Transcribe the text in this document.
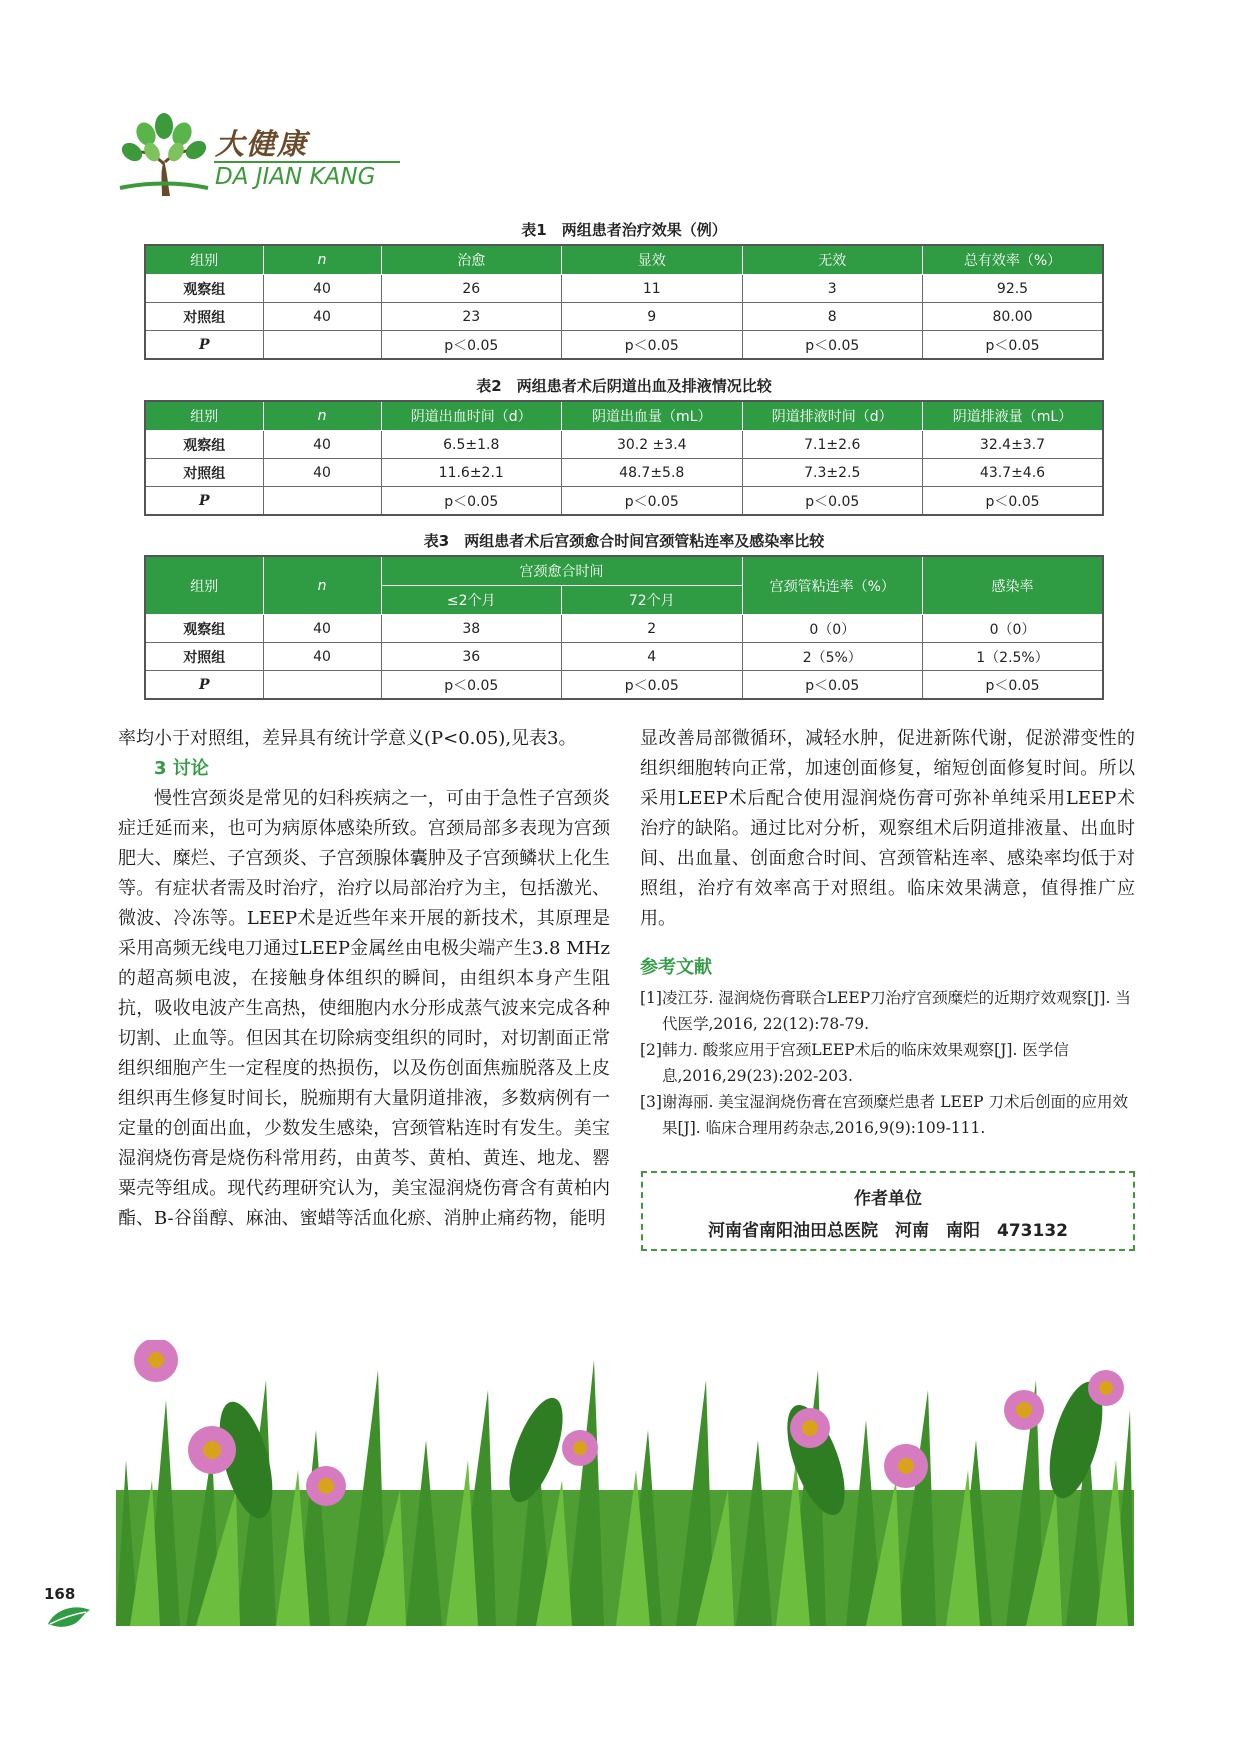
大健康
DA JIAN KANG
表1　两组患者治疗效果（例）
组别	n	治愈	显效	无效	总有效率（%）
观察组	40	26	11	3	92.5
对照组	40	23	9	8	80.00
P		p＜0.05	p＜0.05	p＜0.05	p＜0.05
表2　两组患者术后阴道出血及排液情况比较
组别	n	阴道出血时间（d）	阴道出血量（mL）	阴道排液时间（d）	阴道排液量（mL）
观察组	40	6.5±1.8	30.2 ±3.4	7.1±2.6	32.4±3.7
对照组	40	11.6±2.1	48.7±5.8	7.3±2.5	43.7±4.6
P		p＜0.05	p＜0.05	p＜0.05	p＜0.05
表3　两组患者术后宫颈愈合时间宫颈管粘连率及感染率比较
组别	n	宫颈愈合时间		宫颈管粘连率（%）	感染率
		≤2个月	72个月		
观察组	40	38	2	0（0）	0（0）
对照组	40	36	4	2（5%）	1（2.5%）
P		p＜0.05	p＜0.05	p＜0.05	p＜0.05

率均小于对照组，差异具有统计学意义(P<0.05),见表3。

3 讨论

慢性宫颈炎是常见的妇科疾病之一，可由于急性子宫颈炎症迁延而来，也可为病原体感染所致。宫颈局部多表现为宫颈肥大、糜烂、子宫颈炎、子宫颈腺体囊肿及子宫颈鳞状上化生等。有症状者需及时治疗，治疗以局部治疗为主，包括激光、微波、冷冻等。LEEP术是近些年来开展的新技术，其原理是采用高频无线电刀通过LEEP金属丝由电极尖端产生3.8 MHz的超高频电波，在接触身体组织的瞬间，由组织本身产生阻抗，吸收电波产生高热，使细胞内水分形成蒸气波来完成各种切割、止血等。但因其在切除病变组织的同时，对切割面正常组织细胞产生一定程度的热损伤，以及伤创面焦痂脱落及上皮组织再生修复时间长，脱痂期有大量阴道排液，多数病例有一定量的创面出血，少数发生感染，宫颈管粘连时有发生。美宝湿润烧伤膏是烧伤科常用药，由黄芩、黄柏、黄连、地龙、罂粟壳等组成。现代药理研究认为，美宝湿润烧伤膏含有黄柏内酯、B-谷甾醇、麻油、蜜蜡等活血化瘀、消肿止痛药物，能明

显改善局部微循环，减轻水肿，促进新陈代谢，促淤滞变性的组织细胞转向正常，加速创面修复，缩短创面修复时间。所以采用LEEP术后配合使用湿润烧伤膏可弥补单纯采用LEEP术治疗的缺陷。通过比对分析，观察组术后阴道排液量、出血时间、出血量、创面愈合时间、宫颈管粘连率、感染率均低于对照组，治疗有效率高于对照组。临床效果满意，值得推广应用。

参考文献

[1]凌江芬. 湿润烧伤膏联合LEEP刀治疗宫颈糜烂的近期疗效观察[J]. 当代医学,2016, 22(12):78-79.

[2]韩力. 酸浆应用于宫颈LEEP术后的临床效果观察[J]. 医学信息,2016,29(23):202-203.

[3]谢海丽. 美宝湿润烧伤膏在宫颈糜烂患者 LEEP 刀术后创面的应用效果[J]. 临床合理用药杂志,2016,9(9):109-111.

作者单位
河南省南阳油田总医院　河南　南阳　473132
168
